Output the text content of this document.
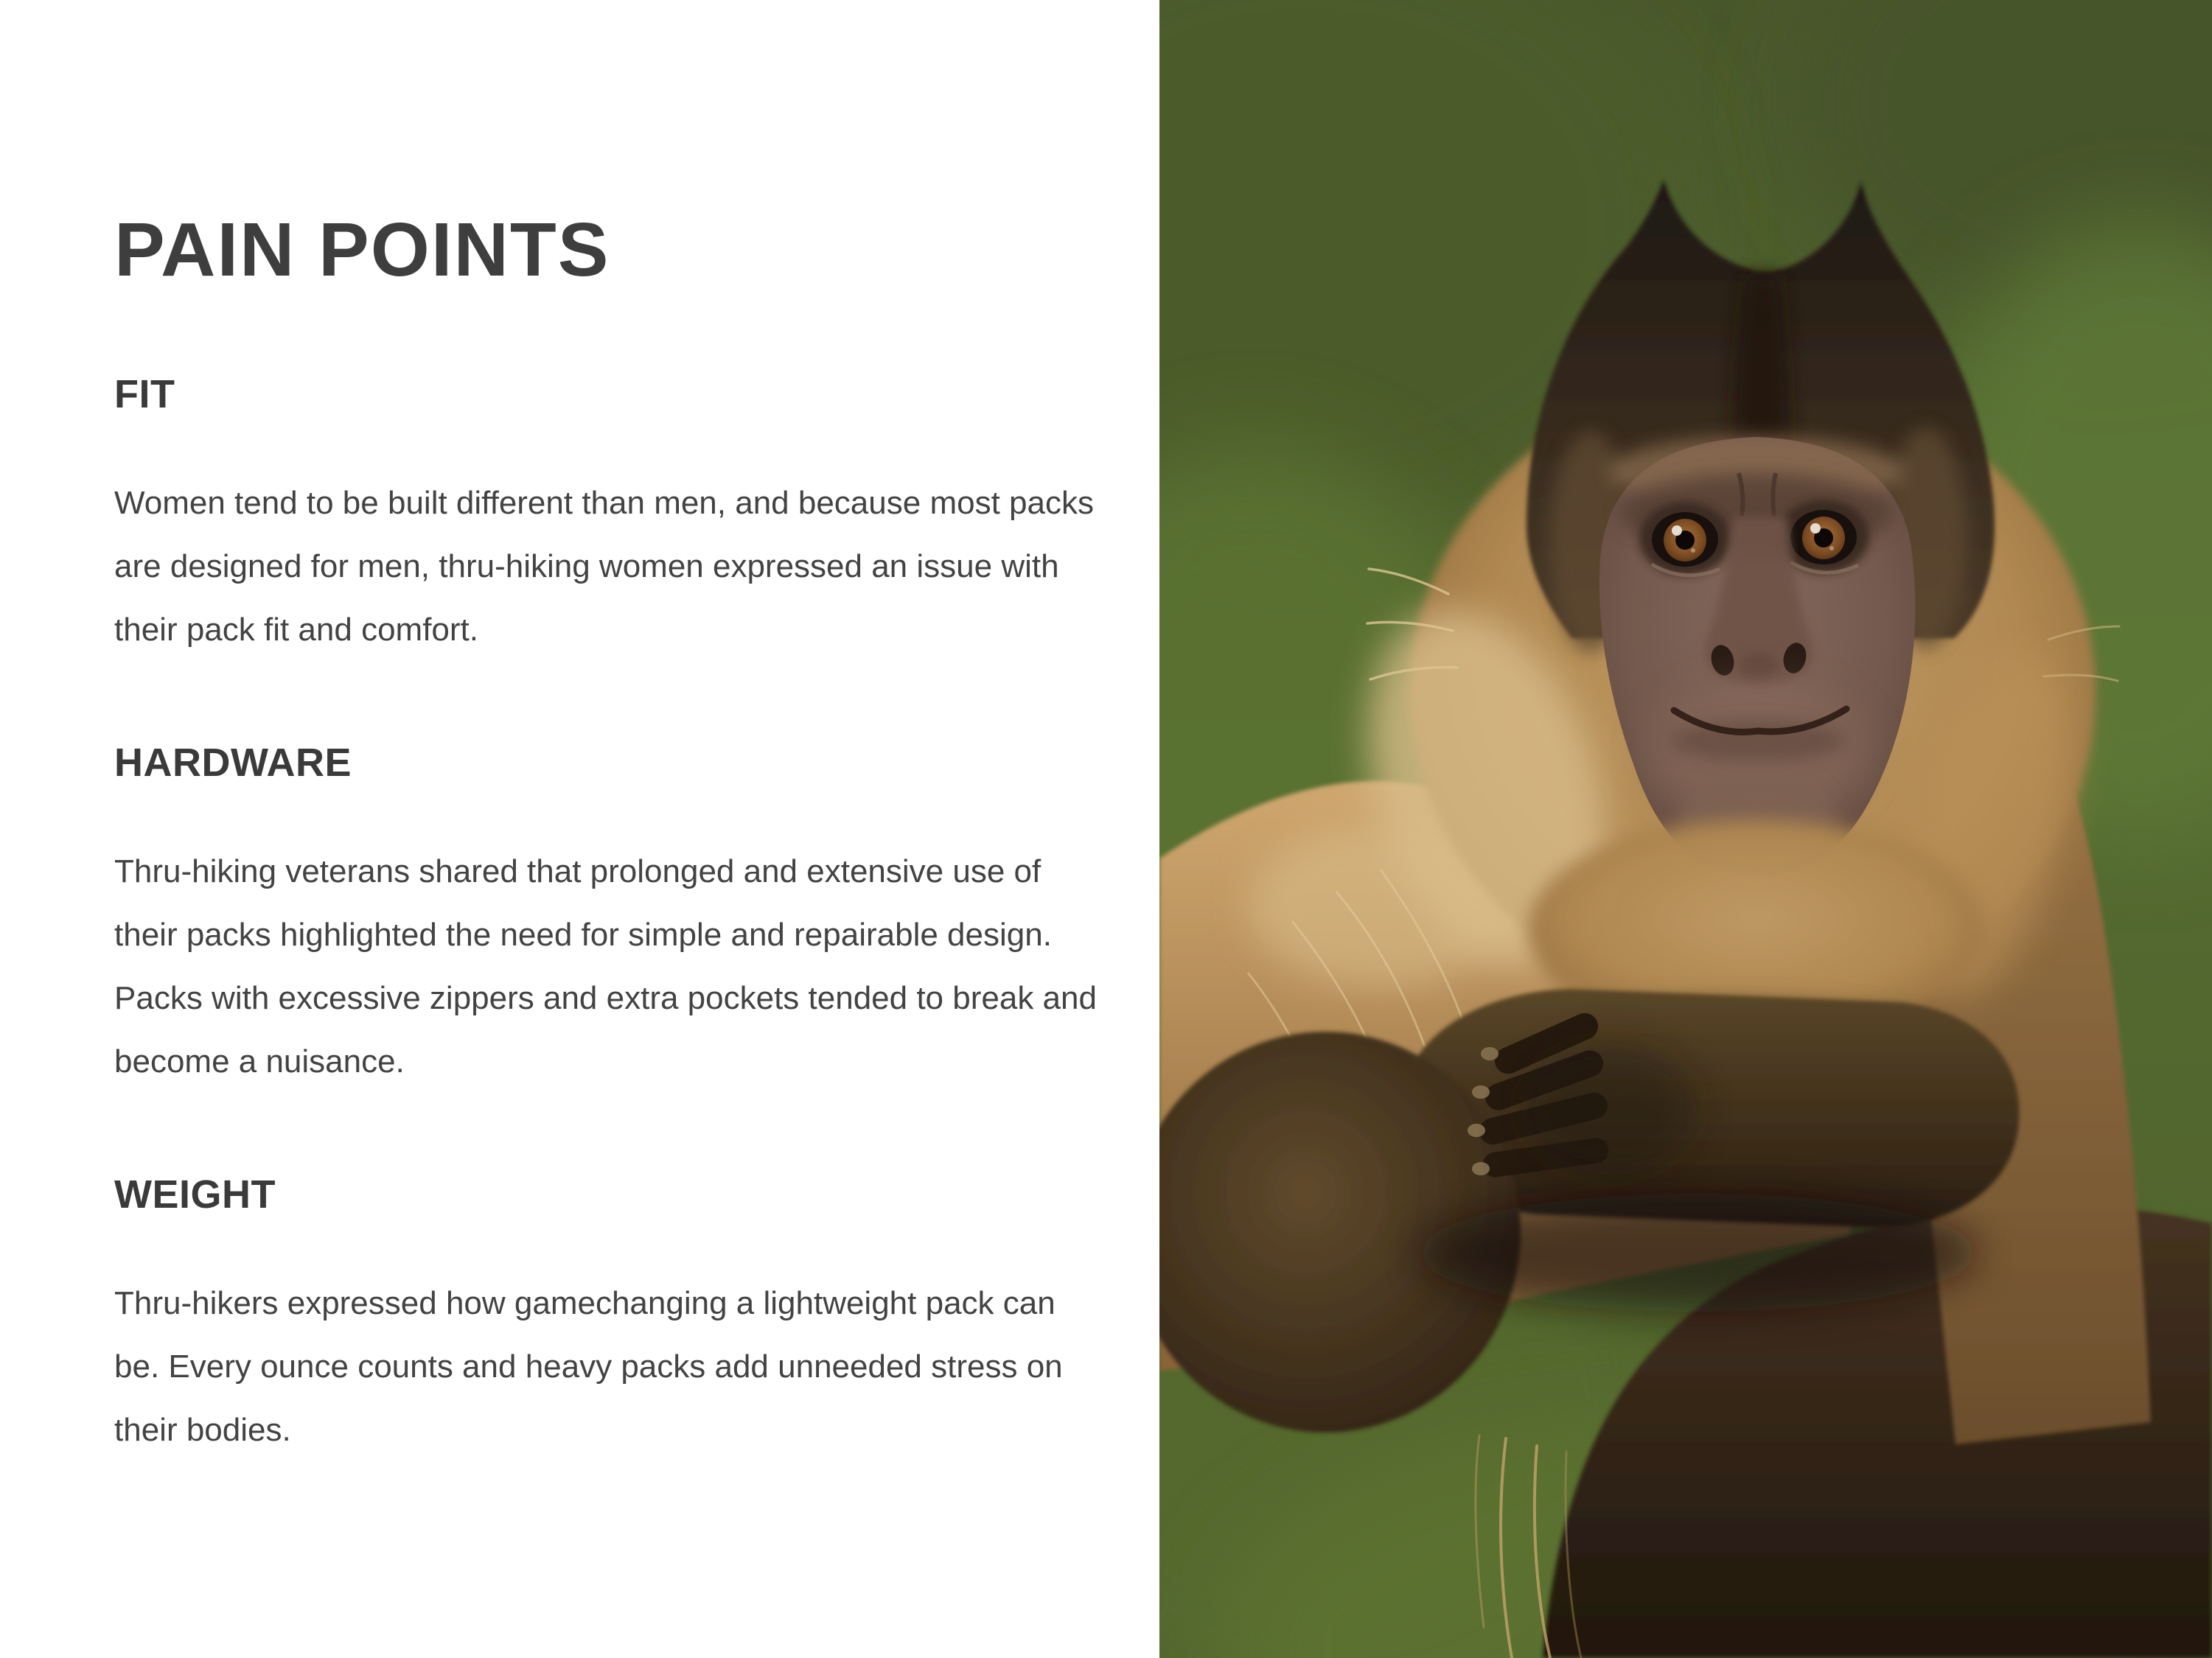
PAIN POINTS
FIT

Women tend to be built different than men, and because most packs are designed for men, thru-hiking women expressed an issue with their pack fit and comfort.

HARDWARE

Thru-hiking veterans shared that prolonged and extensive use of their packs highlighted the need for simple and repairable design. Packs with excessive zippers and extra pockets tended to break and become a nuisance.

WEIGHT

Thru-hikers expressed how gamechanging a lightweight pack can be. Every ounce counts and heavy packs add unneeded stress on their bodies.
